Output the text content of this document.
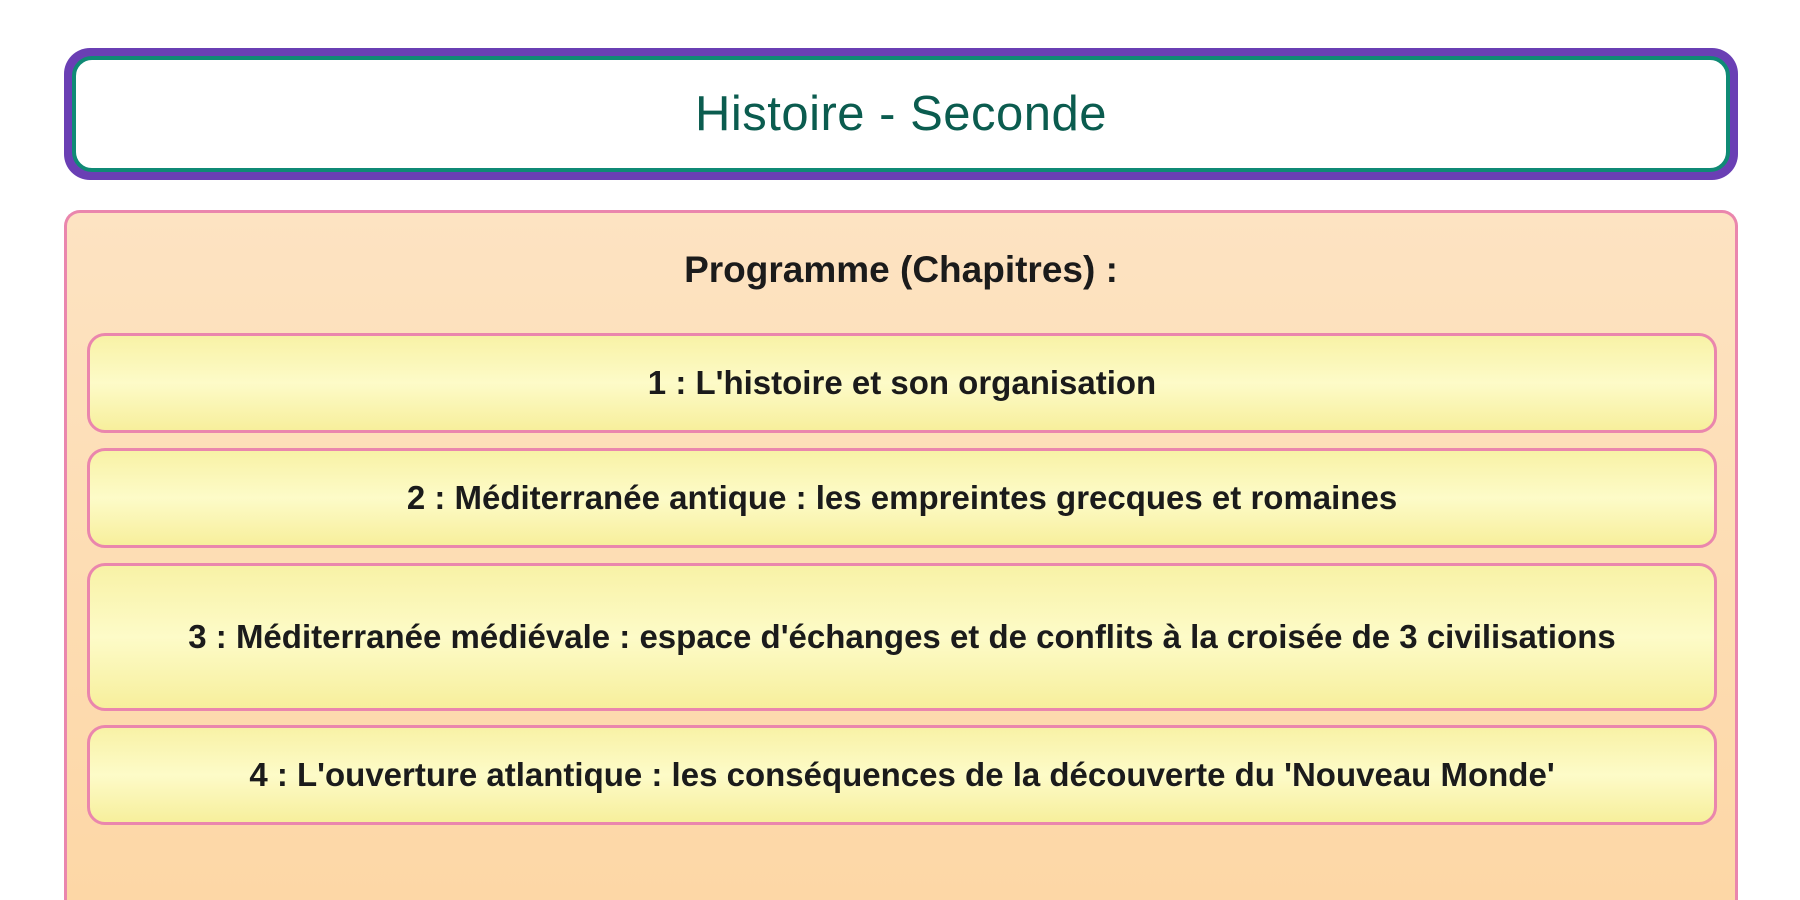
Histoire - Seconde
Programme (Chapitres) :
1 : L'histoire et son organisation
2 : Méditerranée antique : les empreintes grecques et romaines
3 : Méditerranée médiévale : espace d'échanges et de conflits à la croisée de 3 civilisations
4 : L'ouverture atlantique : les conséquences de la découverte du 'Nouveau Monde'
